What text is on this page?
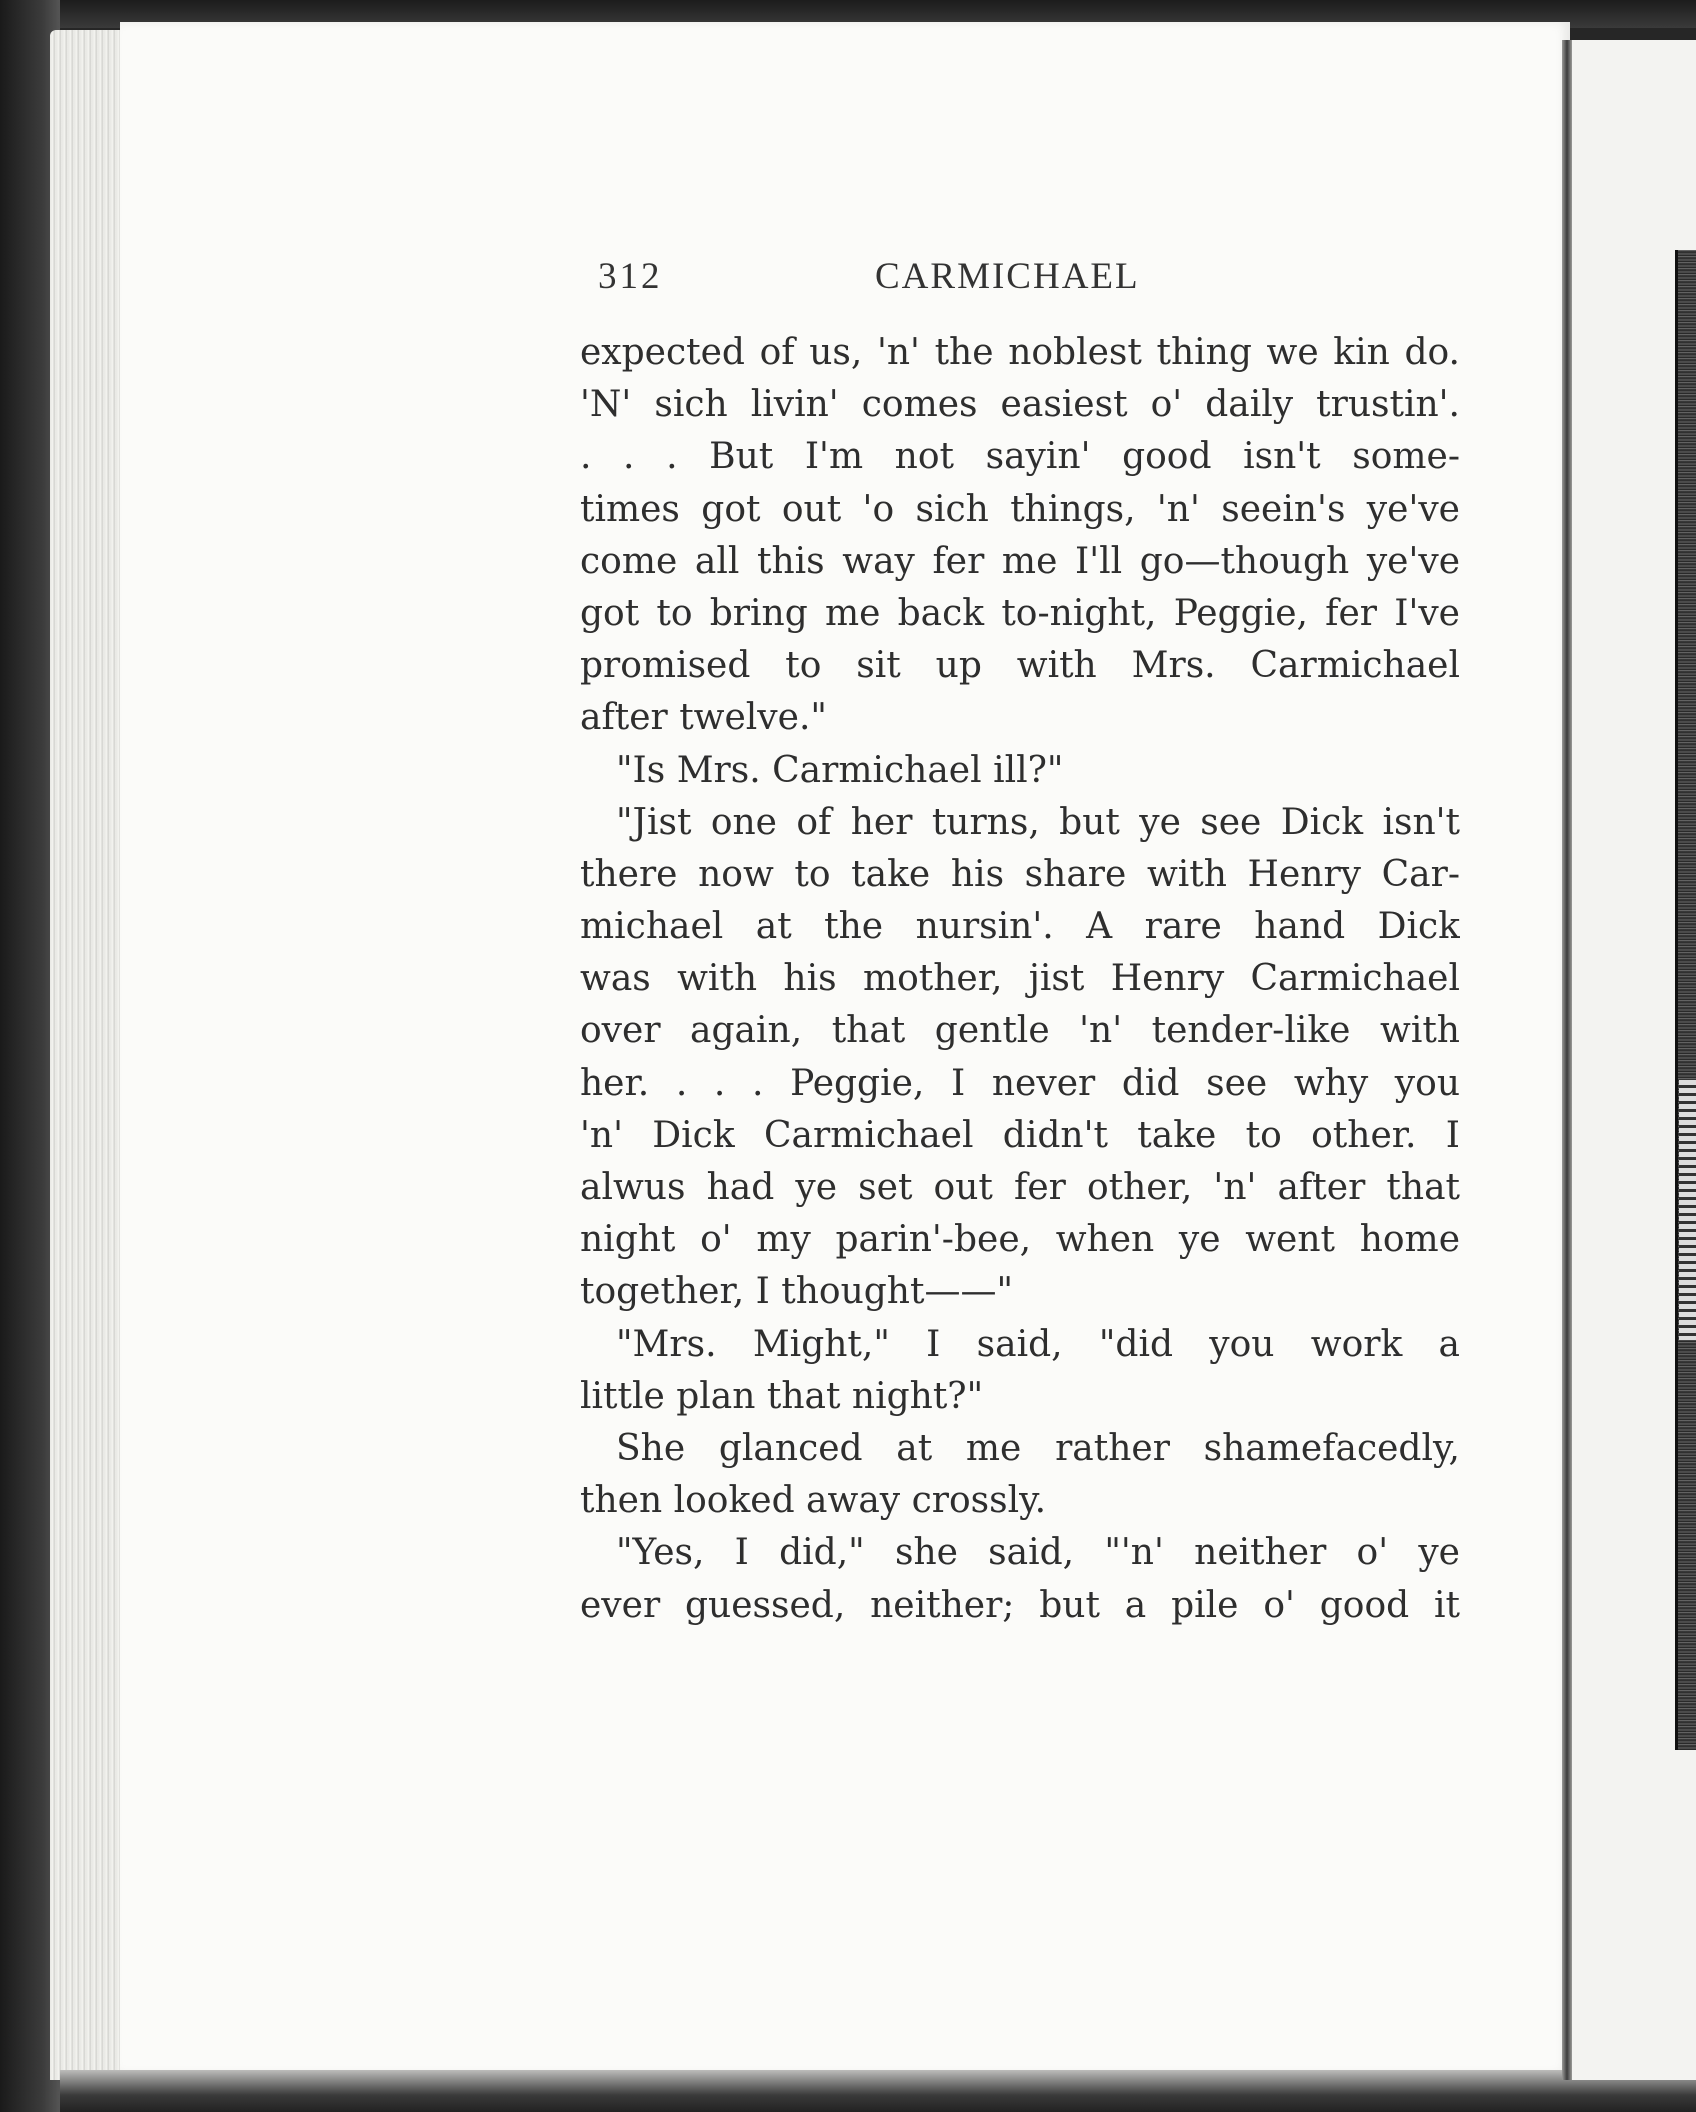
312	CARMICHAEL
expected of us, 'n' the noblest thing we kin do.
'N' sich livin' comes easiest o' daily trustin'.
. . . But I'm not sayin' good isn't some-
times got out 'o sich things, 'n' seein's ye've
come all this way fer me I'll go—though ye've
got to bring me back to-night, Peggie, fer I've
promised to sit up with Mrs. Carmichael
after twelve."
"Is Mrs. Carmichael ill?"
"Jist one of her turns, but ye see Dick isn't
there now to take his share with Henry Car-
michael at the nursin'. A rare hand Dick
was with his mother, jist Henry Carmichael
over again, that gentle 'n' tender-like with
her. . . . Peggie, I never did see why you
'n' Dick Carmichael didn't take to other. I
alwus had ye set out fer other, 'n' after that
night o' my parin'-bee, when ye went home
together, I thought——"
"Mrs. Might," I said, "did you work a
little plan that night?"
She glanced at me rather shamefacedly,
then looked away crossly.
"Yes, I did," she said, "'n' neither o' ye
ever guessed, neither; but a pile o' good it
